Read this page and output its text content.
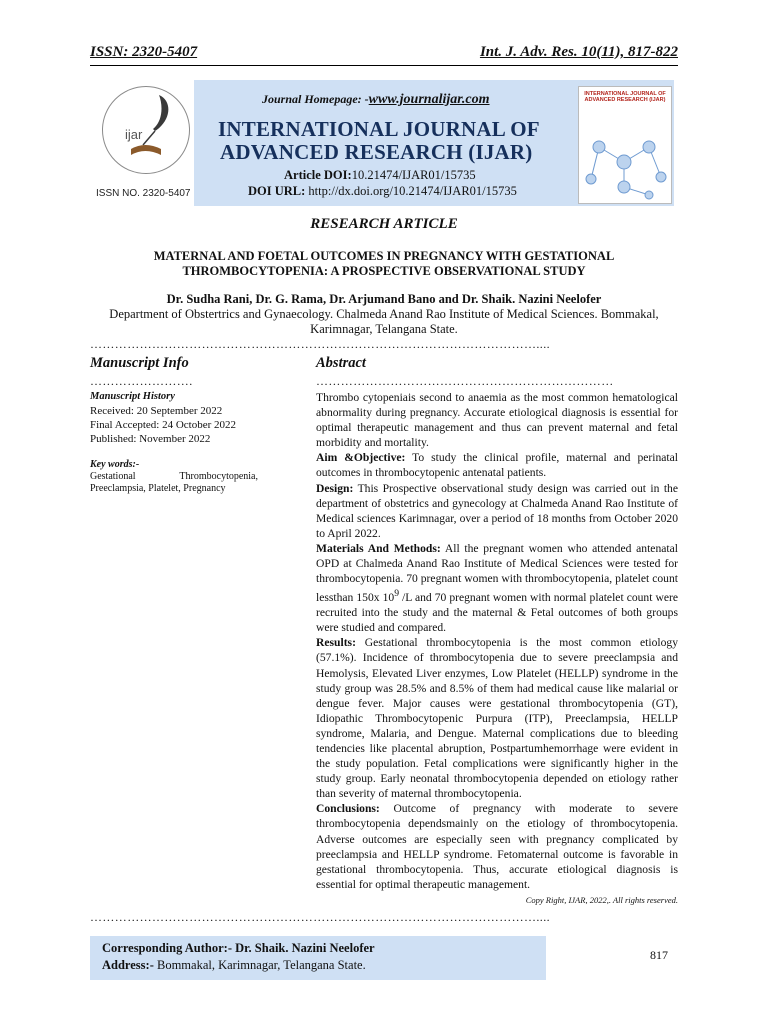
ISSN: 2320-5407	Int. J. Adv. Res. 10(11), 817-822
ijar
ISSN NO. 2320-5407
Journal Homepage: -www.journalijar.com
INTERNATIONAL JOURNAL OF
ADVANCED RESEARCH (IJAR)
Article DOI:10.21474/IJAR01/15735
DOI URL: http://dx.doi.org/10.21474/IJAR01/15735
INTERNATIONAL JOURNAL OF ADVANCED RESEARCH (IJAR)
RESEARCH ARTICLE
MATERNAL AND FOETAL OUTCOMES IN PREGNANCY WITH GESTATIONAL
THROMBOCYTOPENIA: A PROSPECTIVE OBSERVATIONAL STUDY
Dr. Sudha Rani, Dr. G. Rama, Dr. Arjumand Bano and Dr. Shaik. Nazini Neelofer
Department of Obstertrics and Gynaecology. Chalmeda Anand Rao Institute of Medical Sciences. Bommakal,
Karimnagar, Telangana State.
………………………………………………………………………………………………....
Manuscript Info
…………………….
Manuscript History
Received: 20 September 2022
Final Accepted: 24 October 2022
Published: November 2022
Key words:-
Gestational Thrombocytopenia, Preeclampsia, Platelet, Pregnancy
Abstract
………………………………………………………………

Thrombo cytopeniais second to anaemia as the most common hematological abnormality during pregnancy. Accurate etiological diagnosis is essential for optimal therapeutic management and thus can prevent maternal and fetal morbidity and mortality.

Aim &Objective: To study the clinical profile, maternal and perinatal outcomes in thrombocytopenic antenatal patients.

Design: This Prospective observational study design was carried out in the department of obstetrics and gynecology at Chalmeda Anand Rao Institute of Medical sciences Karimnagar, over a period of 18 months from October 2020 to April 2022.

Materials And Methods: All the pregnant women who attended antenatal OPD at Chalmeda Anand Rao Institute of Medical Sciences were tested for thrombocytopenia. 70 pregnant women with thrombocytopenia, platelet count lessthan 150x $10^9$ /L and 70 pregnant women with normal platelet count were recruited into the study and the maternal & Fetal outcomes of both groups were studied and compared.

Results: Gestational thrombocytopenia is the most common etiology (57.1%). Incidence of thrombocytopenia due to severe preeclampsia and Hemolysis, Elevated Liver enzymes, Low Platelet (HELLP) syndrome in the study group was 28.5% and 8.5% of them had medical cause like malarial or dengue fever. Major causes were gestational thrombocytopenia (GT), Idiopathic Thrombocytopenic Purpura (ITP), Preeclampsia, HELLP syndrome, Malaria, and Dengue. Maternal complications due to bleeding tendencies like placental abruption, Postpartumhemorrhage were evident in the study population. Fetal complications were significantly higher in the study group. Early neonatal thrombocytopenia depended on etiology rather than severity of maternal thrombocytopenia.

Conclusions: Outcome of pregnancy with moderate to severe thrombocytopenia dependsmainly on the etiology of thrombocytopenia. Adverse outcomes are especially seen with pregnancy complicated by preeclampsia and HELLP syndrome. Fetomaternal outcome is favorable in gestational thrombocytopenia. Thus, accurate etiological diagnosis is essential for optimal therapeutic management.

Copy Right, IJAR, 2022,. All rights reserved.
………………………………………………………………………………………………....
Corresponding Author:- Dr. Shaik. Nazini Neelofer
Address:- Bommakal, Karimnagar, Telangana State.
817
